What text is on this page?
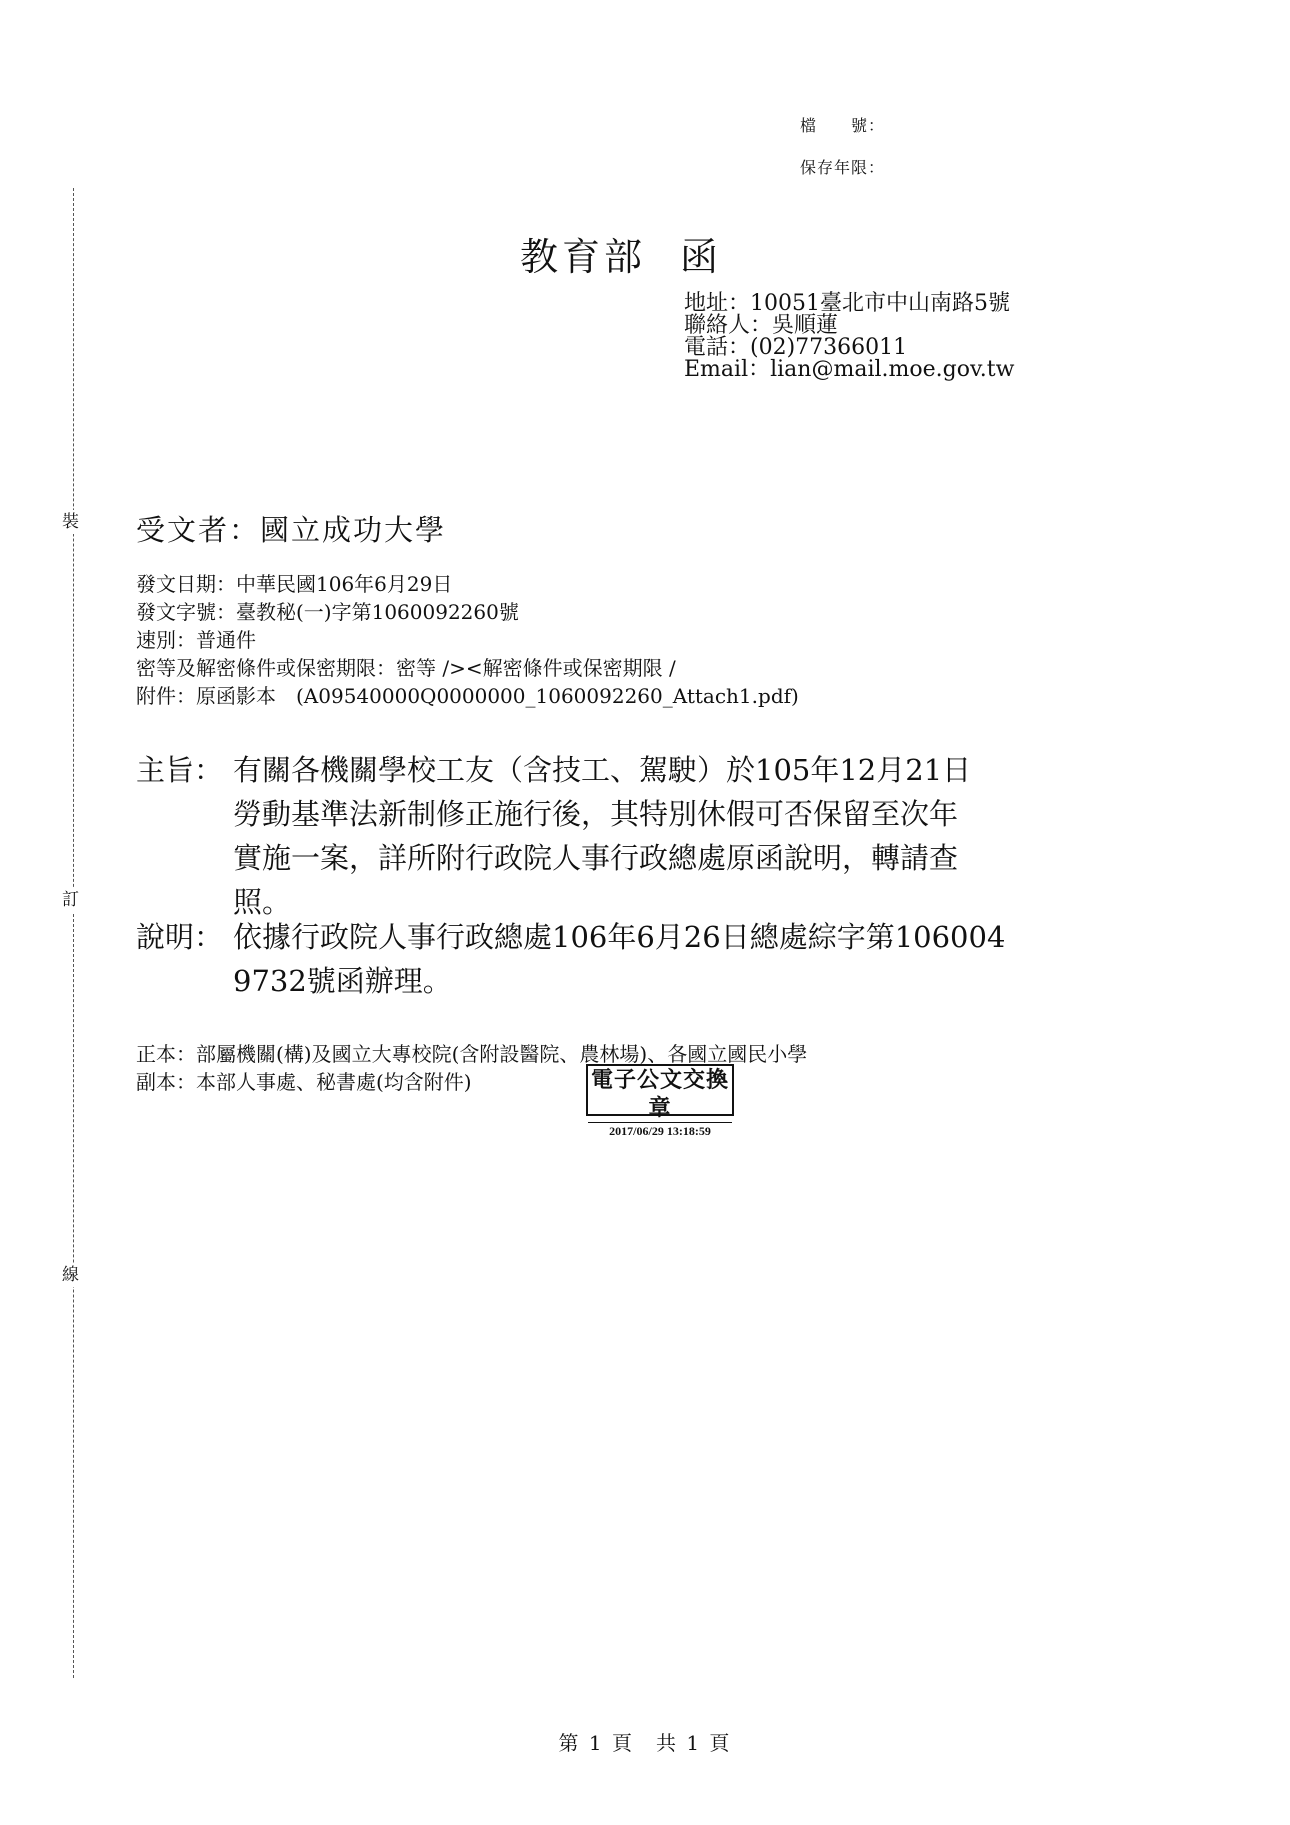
裝
訂
線
檔　　號：
保存年限：
教育部 函
地址：10051臺北市中山南路5號
聯絡人：吳順蓮
電話：(02)77366011
Email：lian@mail.moe.gov.tw
受文者：國立成功大學
發文日期：中華民國106年6月29日
發文字號：臺教秘(一)字第1060092260號
速別：普通件
密等及解密條件或保密期限：密等 /><解密條件或保密期限 /
附件：原函影本　(A09540000Q0000000_1060092260_Attach1.pdf)
主旨： 有關各機關學校工友（含技工、駕駛）於105年12月21日
勞動基準法新制修正施行後，其特別休假可否保留至次年
實施一案，詳所附行政院人事行政總處原函說明，轉請查
照。
說明： 依據行政院人事行政總處106年6月26日總處綜字第106004
9732號函辦理。
正本：部屬機關(構)及國立大專校院(含附設醫院、農林場)、各國立國民小學
副本：本部人事處、秘書處(均含附件)	電子公文交換章
2017/06/29 13:18:59
第 1 頁　共 1 頁
